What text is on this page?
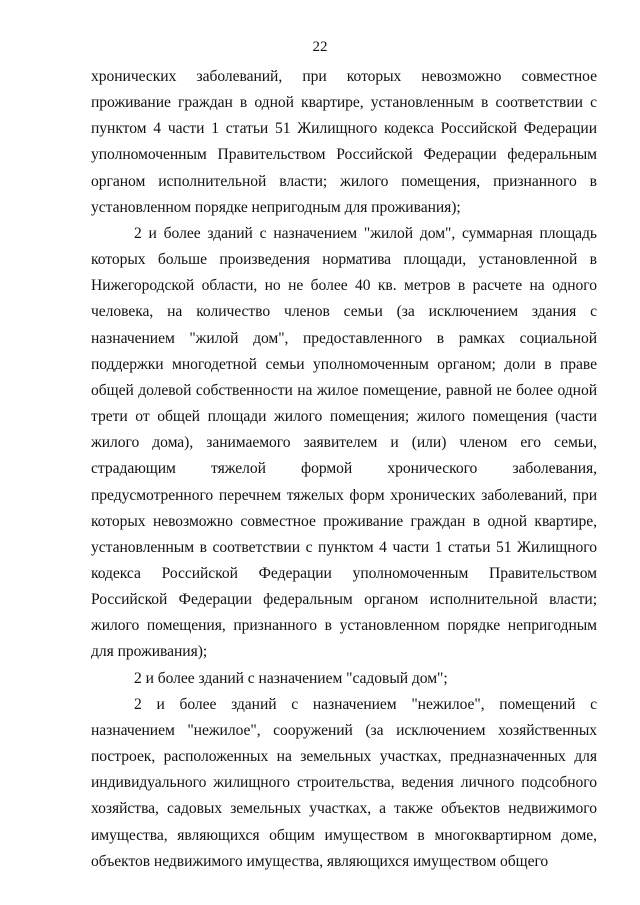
22

хронических заболеваний, при которых невозможно совместное проживание граждан в одной квартире, установленным в соответствии с пунктом 4 части 1 статьи 51 Жилищного кодекса Российской Федерации уполномоченным Правительством Российской Федерации федеральным органом исполнительной власти; жилого помещения, признанного в установленном порядке непригодным для проживания);

2 и более зданий с назначением "жилой дом", суммарная площадь которых больше произведения норматива площади, установленной в Нижегородской области, но не более 40 кв. метров в расчете на одного человека, на количество членов семьи (за исключением здания с назначением "жилой дом", предоставленного в рамках социальной поддержки многодетной семьи уполномоченным органом; доли в праве общей долевой собственности на жилое помещение, равной не более одной трети от общей площади жилого помещения; жилого помещения (части жилого дома), занимаемого заявителем и (или) членом его семьи, страдающим тяжелой формой хронического заболевания, предусмотренного перечнем тяжелых форм хронических заболеваний, при которых невозможно совместное проживание граждан в одной квартире, установленным в соответствии с пунктом 4 части 1 статьи 51 Жилищного кодекса Российской Федерации уполномоченным Правительством Российской Федерации федеральным органом исполнительной власти; жилого помещения, признанного в установленном порядке непригодным для проживания);

2 и более зданий с назначением "садовый дом";

2 и более зданий с назначением "нежилое", помещений с назначением "нежилое", сооружений (за исключением хозяйственных построек, расположенных на земельных участках, предназначенных для индивидуального жилищного строительства, ведения личного подсобного хозяйства, садовых земельных участках, а также объектов недвижимого имущества, являющихся общим имуществом в многоквартирном доме, объектов недвижимого имущества, являющихся имуществом общего
